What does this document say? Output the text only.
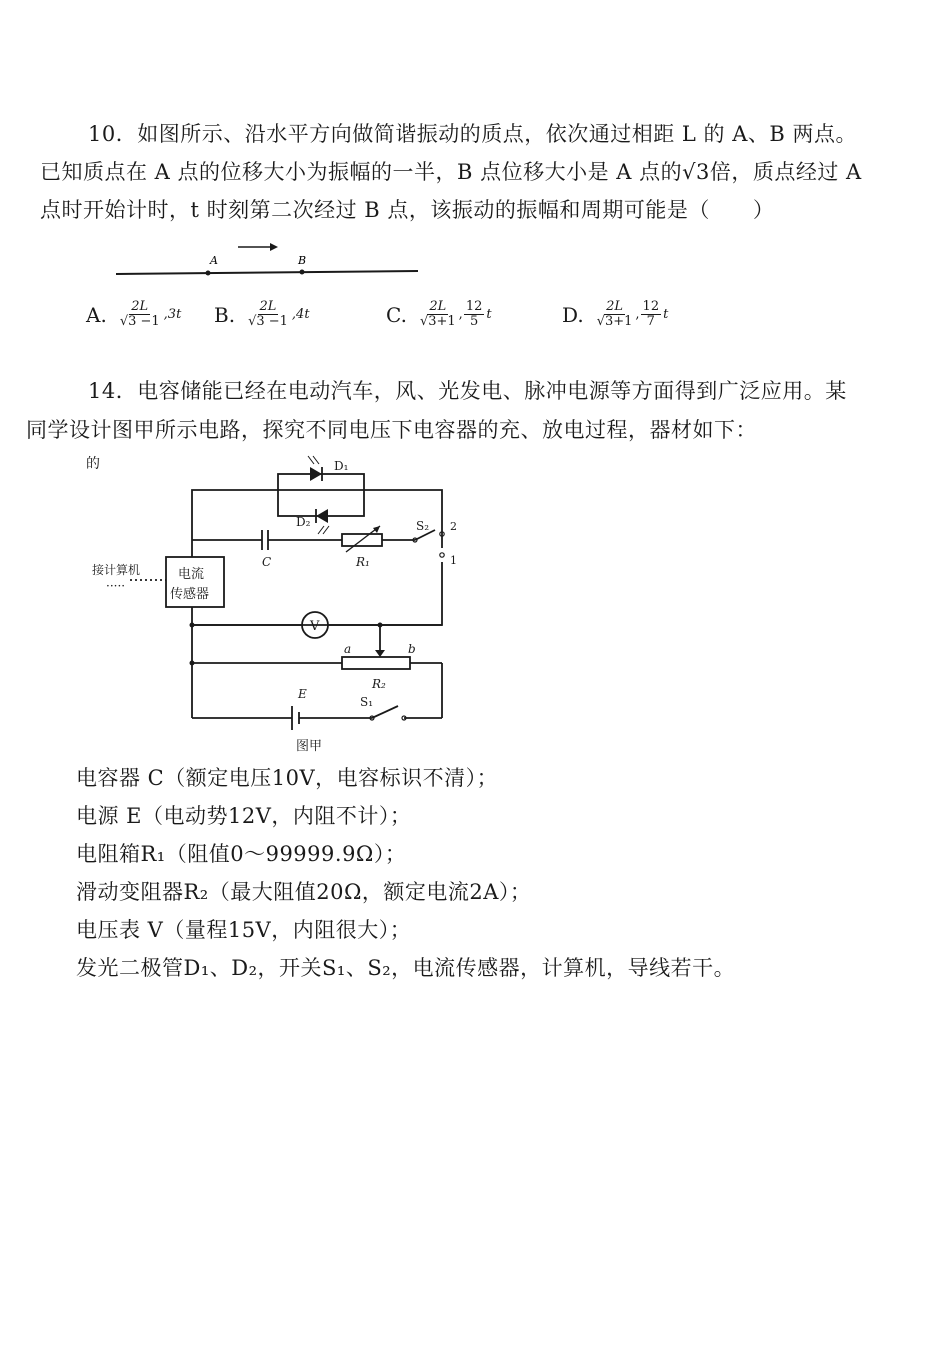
10．如图所示、沿水平方向做简谐振动的质点，依次通过相距 L 的 A、B 两点。
已知质点在 A 点的位移大小为振幅的一半，B 点位移大小是 A 点的√3倍，质点经过 A
点时开始计时，t 时刻第二次经过 B 点，该振动的振幅和周期可能是（　　）
A	B
A. $\frac{2L}{√3 -1} ,3t$ B. $\frac{2L}{√3 -1} ,4t$	C. $\frac{2L}{√3+1}$ , $\frac{12}{5}$ t	D. $\frac{2L}{√3+1}$ , $\frac{12}{7}$ t
14．电容储能已经在电动汽车，风、光发电、脉冲电源等方面得到广泛应用。某
同学设计图甲所示电路，探究不同电压下电容器的充、放电过程，器材如下：
的	D₁
D₂	S₂ 2
1
C	R₁
接计算机
·····
电流
传感器
V
a	b
R₂
E
S₁
图甲
电容器 C（额定电压10V，电容标识不清）；
电源 E（电动势12V，内阻不计）；
电阻箱R₁（阻值0～99999.9Ω）；
滑动变阻器R₂（最大阻值20Ω，额定电流2A）；
电压表 V（量程15V，内阻很大）；
发光二极管D₁、D₂，开关S₁、S₂，电流传感器，计算机，导线若干。
